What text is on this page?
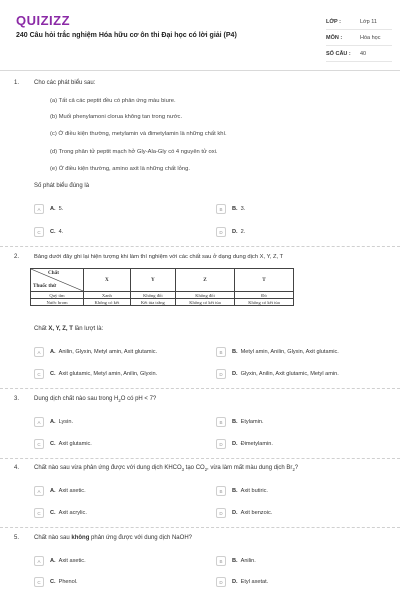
QUIZIZZ
240 Câu hỏi trắc nghiệm Hóa hữu cơ ôn thi Đại học có lời giải (P4)
LỚP :	Lớp 11
MÔN :	Hóa học
SỐ CÂU :	40
1. Cho các phát biểu sau:
(a) Tất cả các peptit đều có phản ứng màu biure.
(b) Muối phenylamoni clorua không tan trong nước.
(c) Ở điều kiện thường, metylamin và đimetylamin là những chất khí.
(d) Trong phân tử peptit mạch hở Gly-Ala-Gly có 4 nguyên tử oxi.
(e) Ở điều kiện thường, amino axit là những chất lỏng.
Số phát biểu đúng là
A	A. 5.	B	B. 3.
C	C. 4.	D	D. 2.
2.	Bảng dưới đây ghi lại hiện tượng khi làm thí nghiệm với các chất sau ở dạng dung dịch X, Y, Z, T
Chất
Thuốc thử	X	Y	Z	T
Quỳ tím	Xanh	Không đổi	Không đổi	Đỏ
Nước brom	Không có kết	Kết tủa trắng	Không có kết tủa	Không có kết tủa
Chất X, Y, Z, T lần lượt là:
A	A. Anilin, Glyxin, Metyl amin, Axit glutamic.	B	B. Metyl amin, Anilin, Glyxin, Axit glutamic.
C	C. Axit glutamic, Metyl amin, Anilin, Glyxin.	D	D. Glyxin, Anilin, Axit glutamic, Metyl amin.
3. Dung dịch chất nào sau trong $H_2O$ có pH < 7?
A	A. Lysin.	B	B. Etylamin.
C	C. Axit glutamic.	D	D. Đimetylamin.
4. Chất nào sau vừa phản ứng được với dung dịch $KHCO_3$ tạo $CO_2$, vừa làm mất màu dung dịch $Br_2$?
A	A. Axit axetic.	B	B. Axit butiric.
C	C. Axit acrylic.	D	D. Axit benzoic.
5. Chất nào sau không phản ứng được với dung dịch NaOH?
A	A. Axit axetic.	B	B. Anilin.
C	C. Phenol.	D	D. Etyl axetat.
